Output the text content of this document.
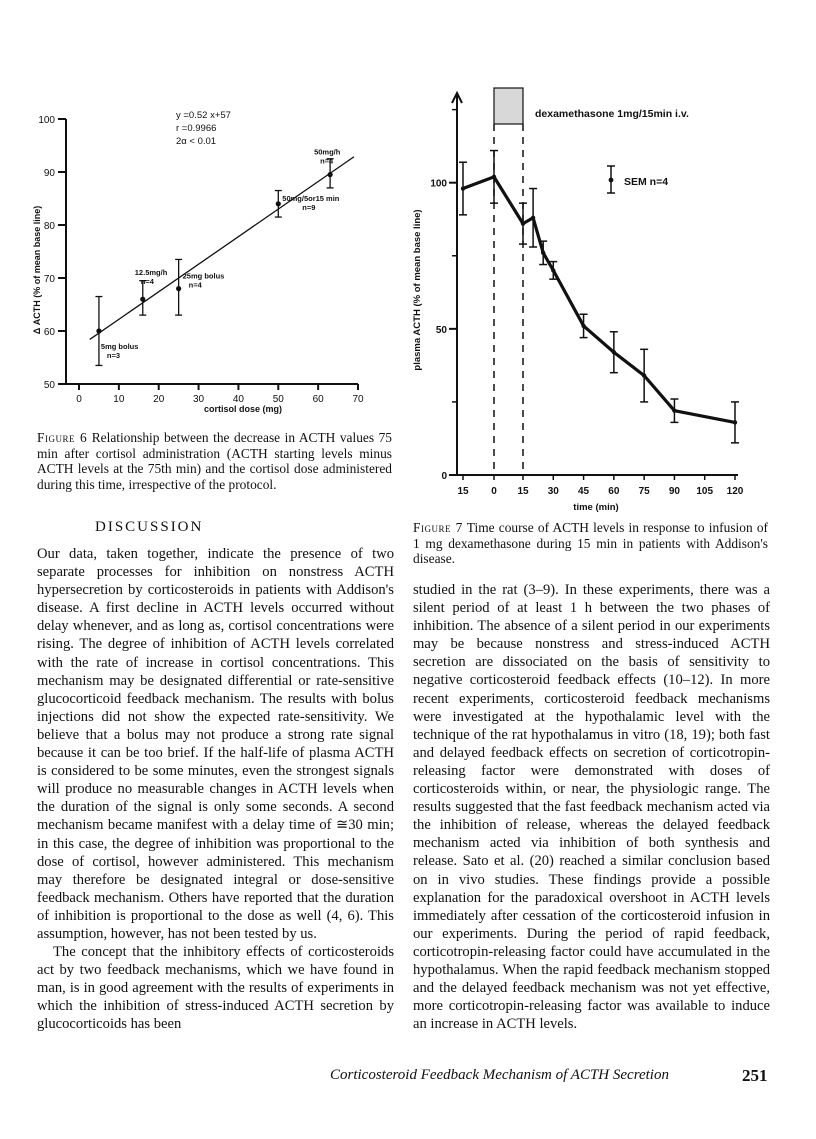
50
60
70
80
90
100
0	10	20	30	40	50	60	70
5mg bolus
n=3
12.5mg/h
n=4
25mg bolus
n=4
50mg/5or15 min
n=9
50mg/h
n=4
y =0.52 x+57
r =0.9966
2α < 0.01
cortisol dose (mg)
Δ ACTH (% of mean base line)
0
50
100
15 0 15 30 45 60 75 90 105 120
dexamethasone 1mg/15min i.v.
SEM n=4
time (min)
plasma ACTH (% of mean base line)
Figure 6 Relationship between the decrease in ACTH values 75 min after cortisol administration (ACTH starting levels minus ACTH levels at the 75th min) and the cortisol dose administered during this time, irrespective of the protocol.
Figure 7 Time course of ACTH levels in response to infusion of 1 mg dexamethasone during 15 min in patients with Addison's disease.
DISCUSSION

Our data, taken together, indicate the presence of two separate processes for inhibition on nonstress ACTH hypersecretion by corticosteroids in patients with Addison's disease. A first decline in ACTH levels occurred without delay whenever, and as long as, cortisol concentrations were rising. The degree of inhibition of ACTH levels correlated with the rate of increase in cortisol concentrations. This mechanism may be designated differential or rate-sensitive glucocorticoid feedback mechanism. The results with bolus injections did not show the expected rate-sensitivity. We believe that a bolus may not produce a strong rate signal because it can be too brief. If the half-life of plasma ACTH is considered to be some minutes, even the strongest signals will produce no measurable changes in ACTH levels when the duration of the signal is only some seconds. A second mechanism became manifest with a delay time of ≅30 min; in this case, the degree of inhibition was proportional to the dose of cortisol, however administered. This mechanism may therefore be designated integral or dose-sensitive feedback mechanism. Others have reported that the duration of inhibition is proportional to the dose as well (4, 6). This assumption, however, has not been tested by us.

The concept that the inhibitory effects of corticosteroids act by two feedback mechanisms, which we have found in man, is in good agreement with the results of experiments in which the inhibition of stress-induced ACTH secretion by glucocorticoids has been

studied in the rat (3–9). In these experiments, there was a silent period of at least 1 h between the two phases of inhibition. The absence of a silent period in our experiments may be because nonstress and stress-induced ACTH secretion are dissociated on the basis of sensitivity to negative corticosteroid feedback effects (10–12). In more recent experiments, corticosteroid feedback mechanisms were investigated at the hypothalamic level with the technique of the rat hypothalamus in vitro (18, 19); both fast and delayed feedback effects on secretion of corticotropin-releasing factor were demonstrated with doses of corticosteroids within, or near, the physiologic range. The results suggested that the fast feedback mechanism acted via the inhibition of release, whereas the delayed feedback mechanism acted via inhibition of both synthesis and release. Sato et al. (20) reached a similar conclusion based on in vivo studies. These findings provide a possible explanation for the paradoxical overshoot in ACTH levels immediately after cessation of the corticosteroid infusion in our experiments. During the period of rapid feedback, corticotropin-releasing factor could have accumulated in the hypothalamus. When the rapid feedback mechanism stopped and the delayed feedback mechanism was not yet effective, more corticotropin-releasing factor was available to induce an increase in ACTH levels.

Corticosteroid Feedback Mechanism of ACTH Secretion	251
